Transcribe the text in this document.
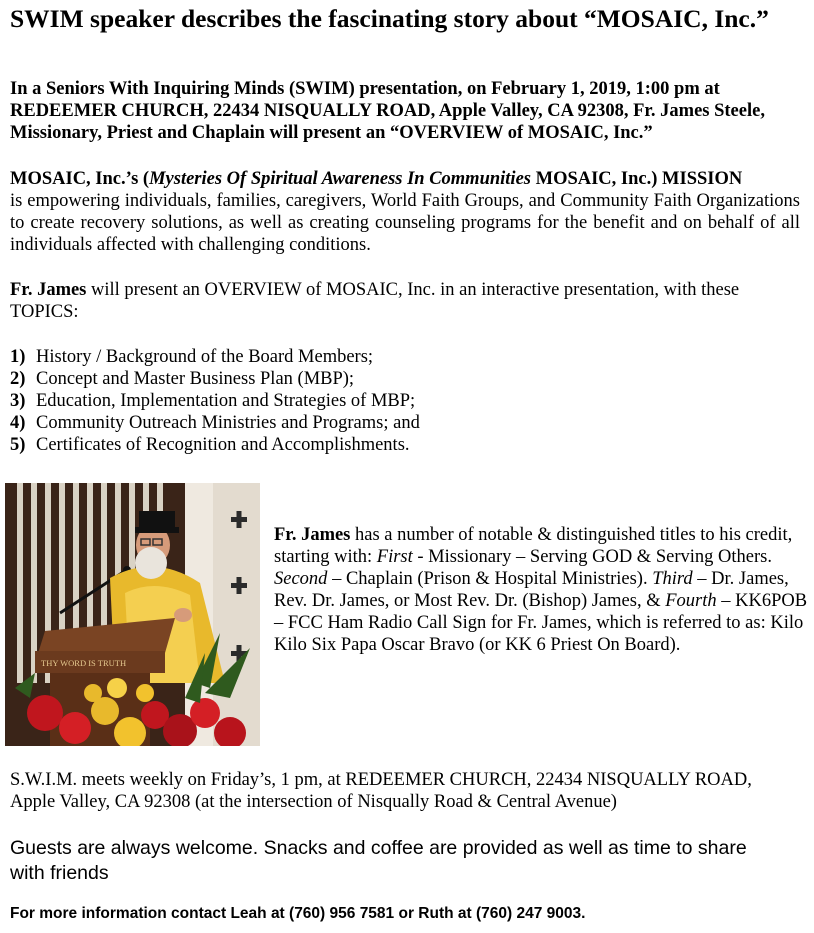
SWIM speaker describes the fascinating story about “MOSAIC, Inc.”
In a Seniors With Inquiring Minds (SWIM) presentation, on February 1, 2019, 1:00 pm at
REDEEMER CHURCH, 22434 NISQUALLY ROAD, Apple Valley, CA 92308, Fr. James Steele,
Missionary, Priest and Chaplain will present an “OVERVIEW of MOSAIC, Inc.”
MOSAIC, Inc.’s (Mysteries Of Spiritual Awareness In Communities MOSAIC, Inc.) MISSION

is empowering individuals, families, caregivers, World Faith Groups, and Community Faith Organizations to create recovery solutions, as well as creating counseling programs for the benefit and on behalf of all individuals affected with challenging conditions.
Fr. James will present an OVERVIEW of MOSAIC, Inc. in an interactive presentation, with these TOPICS:
1) History / Background of the Board Members;
2) Concept and Master Business Plan (MBP);
3) Education, Implementation and Strategies of MBP;
4) Community Outreach Ministries and Programs; and
5) Certificates of Recognition and Accomplishments.
THY WORD IS TRUTH
Fr. James has a number of notable & distinguished titles to his credit, starting with: First - Missionary – Serving GOD & Serving Others. Second – Chaplain (Prison & Hospital Ministries). Third – Dr. James, Rev. Dr. James, or Most Rev. Dr. (Bishop) James, & Fourth – KK6POB – FCC Ham Radio Call Sign for Fr. James, which is referred to as: Kilo Kilo Six Papa Oscar Bravo (or KK 6 Priest On Board).
S.W.I.M. meets weekly on Friday’s, 1 pm, at REDEEMER CHURCH, 22434 NISQUALLY ROAD,
Apple Valley, CA 92308 (at the intersection of Nisqually Road & Central Avenue)
Guests are always welcome. Snacks and coffee are provided as well as time to share with friends
For more information contact Leah at (760) 956 7581 or Ruth at (760) 247 9003.
